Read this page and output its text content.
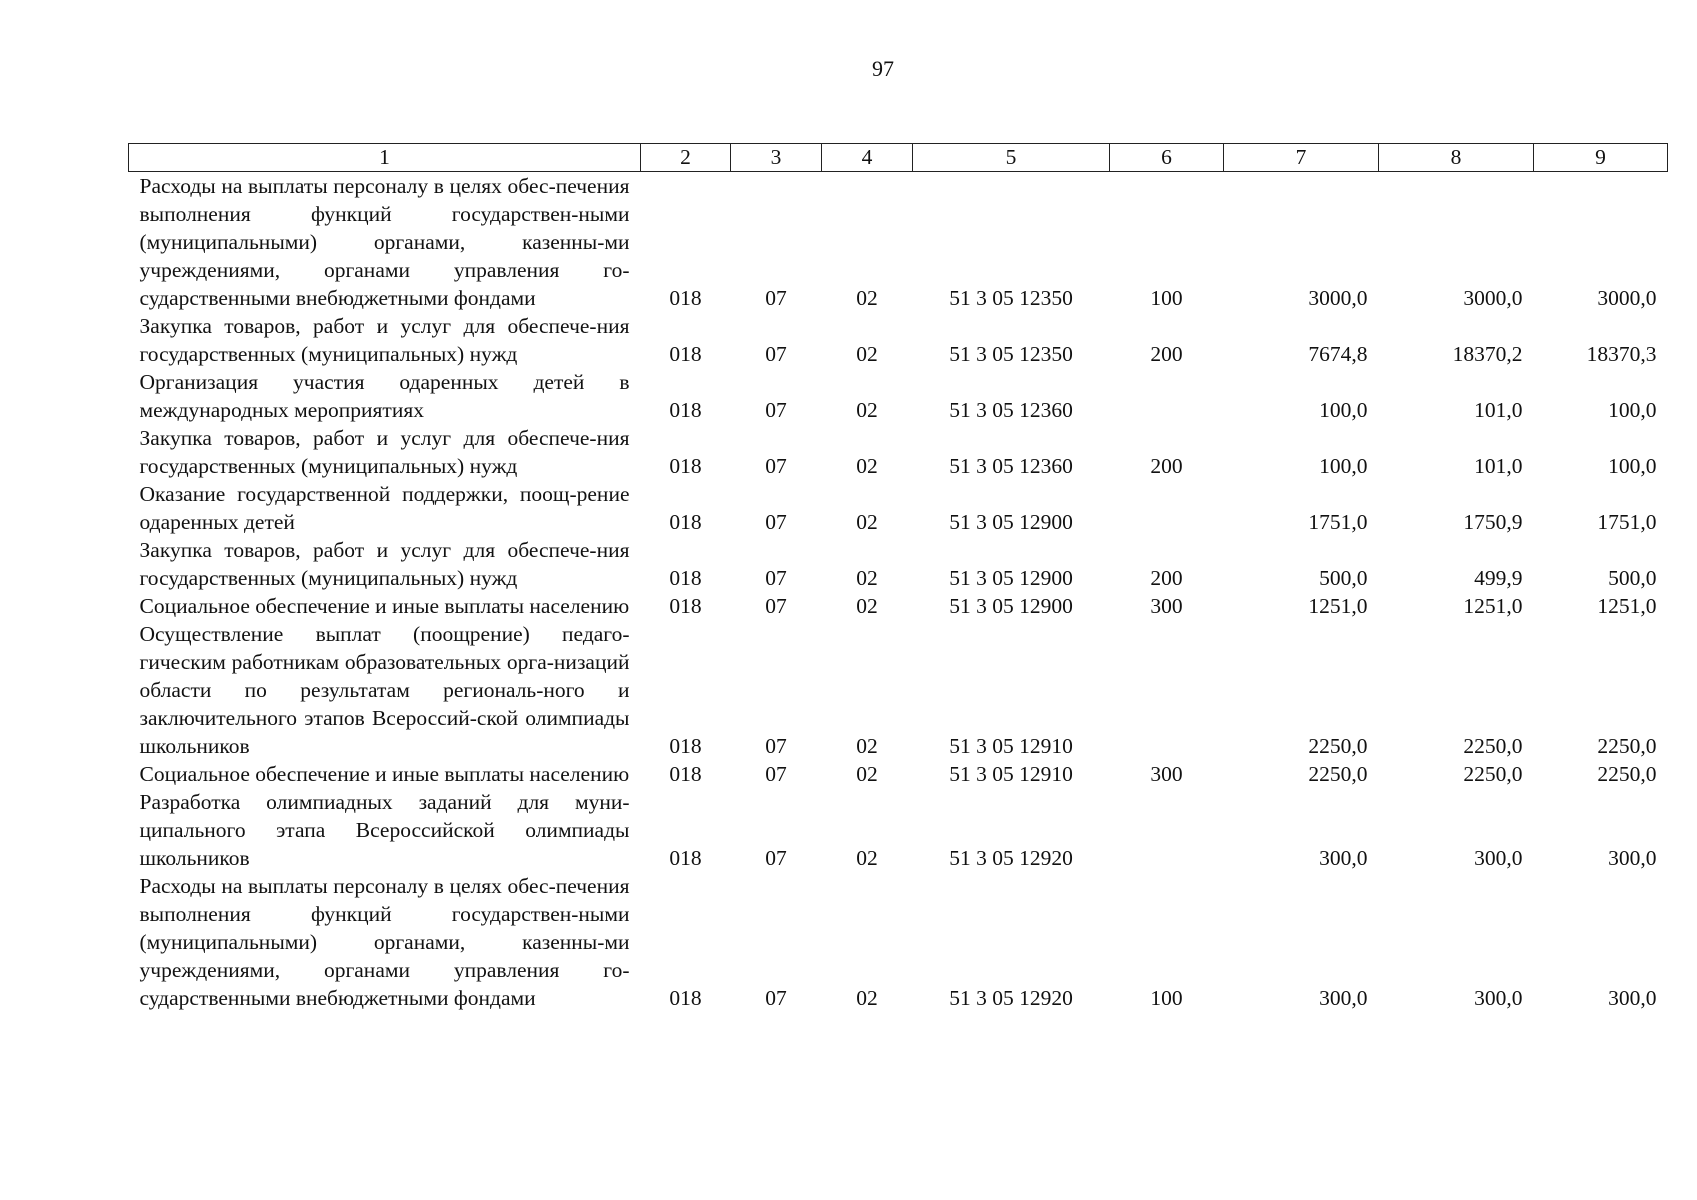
97
1	2	3	4	5	6	7	8	9
Расходы на выплаты персоналу в целях обес-печения выполнения функций государствен-ными (муниципальными) органами, казенны-ми учреждениями, органами управления го-сударственными внебюджетными фондами	018	07	02	51 3 05 12350	100	3000,0	3000,0	3000,0
Закупка товаров, работ и услуг для обеспече-ния государственных (муниципальных) нужд	018	07	02	51 3 05 12350	200	7674,8	18370,2	18370,3
Организация участия одаренных детей в международных мероприятиях	018	07	02	51 3 05 12360		100,0	101,0	100,0
Закупка товаров, работ и услуг для обеспече-ния государственных (муниципальных) нужд	018	07	02	51 3 05 12360	200	100,0	101,0	100,0
Оказание государственной поддержки, поощ-рение одаренных детей	018	07	02	51 3 05 12900		1751,0	1750,9	1751,0
Закупка товаров, работ и услуг для обеспече-ния государственных (муниципальных) нужд	018	07	02	51 3 05 12900	200	500,0	499,9	500,0
Социальное обеспечение и иные выплаты населению	018	07	02	51 3 05 12900	300	1251,0	1251,0	1251,0
Осуществление выплат (поощрение) педаго-гическим работникам образовательных орга-низаций области по результатам региональ-ного и заключительного этапов Всероссий-ской олимпиады школьников	018	07	02	51 3 05 12910		2250,0	2250,0	2250,0
Социальное обеспечение и иные выплаты населению	018	07	02	51 3 05 12910	300	2250,0	2250,0	2250,0
Разработка олимпиадных заданий для муни-ципального этапа Всероссийской олимпиады школьников	018	07	02	51 3 05 12920		300,0	300,0	300,0
Расходы на выплаты персоналу в целях обес-печения выполнения функций государствен-ными (муниципальными) органами, казенны-ми учреждениями, органами управления го-сударственными внебюджетными фондами	018	07	02	51 3 05 12920	100	300,0	300,0	300,0
